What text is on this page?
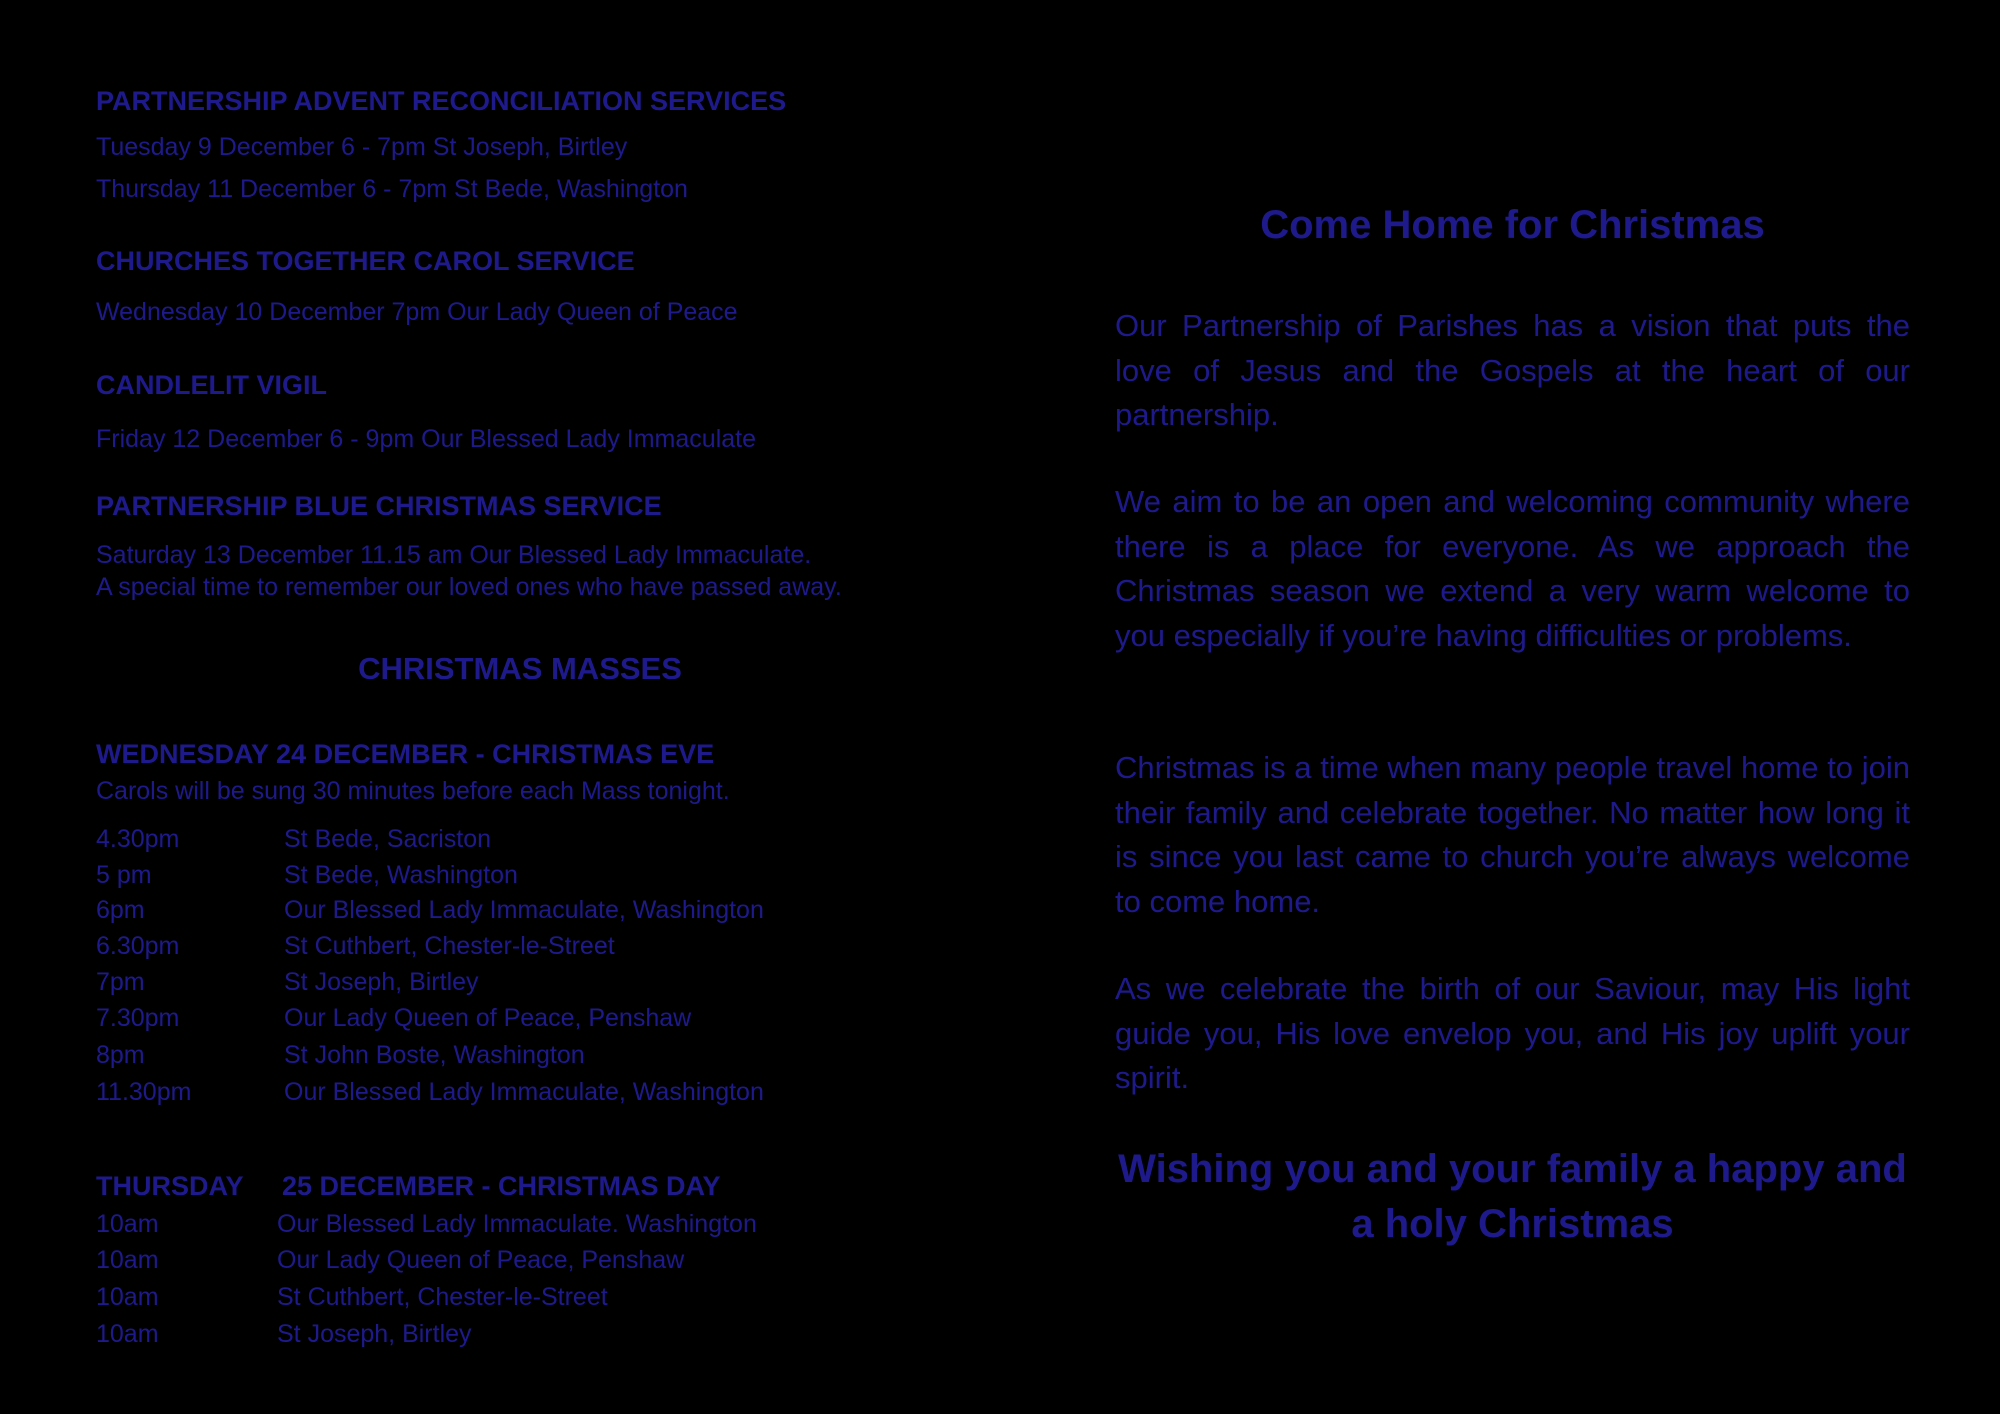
PARTNERSHIP ADVENT RECONCILIATION SERVICES
Tuesday 9 December 6 - 7pm St Joseph, Birtley
Thursday 11 December 6 - 7pm St Bede, Washington
CHURCHES TOGETHER CAROL SERVICE
Wednesday 10 December 7pm Our Lady Queen of Peace
CANDLELIT VIGIL
Friday 12 December 6 - 9pm Our Blessed Lady Immaculate
PARTNERSHIP BLUE CHRISTMAS SERVICE
Saturday 13 December 11.15 am Our Blessed Lady Immaculate.
A special time to remember our loved ones who have passed away.
CHRISTMAS MASSES
WEDNESDAY 24 DECEMBER - CHRISTMAS EVE
Carols will be sung 30 minutes before each Mass tonight.
4.30pm	St Bede, Sacriston
5 pm	St Bede, Washington
6pm	Our Blessed Lady Immaculate, Washington
6.30pm	St Cuthbert, Chester-le-Street
7pm	St Joseph, Birtley
7.30pm	Our Lady Queen of Peace, Penshaw
8pm	St John Boste, Washington
11.30pm	Our Blessed Lady Immaculate, Washington
THURSDAY 25 DECEMBER - CHRISTMAS DAY
10am	Our Blessed Lady Immaculate. Washington
10am	Our Lady Queen of Peace, Penshaw
10am	St Cuthbert, Chester-le-Street
10am	St Joseph, Birtley
Come Home for Christmas
Our Partnership of Parishes has a vision that puts the love of Jesus and the Gospels at the heart of our partnership.
We aim to be an open and welcoming community where there is a place for everyone. As we approach the Christmas season we extend a very warm welcome to you especially if you’re having difficulties or problems.
Christmas is a time when many people travel home to join their family and celebrate together. No matter how long it is since you last came to church you’re always welcome to come home.
As we celebrate the birth of our Saviour, may His light guide you, His love envelop you, and His joy uplift your spirit.
Wishing you and your family a happy and
a holy Christmas
